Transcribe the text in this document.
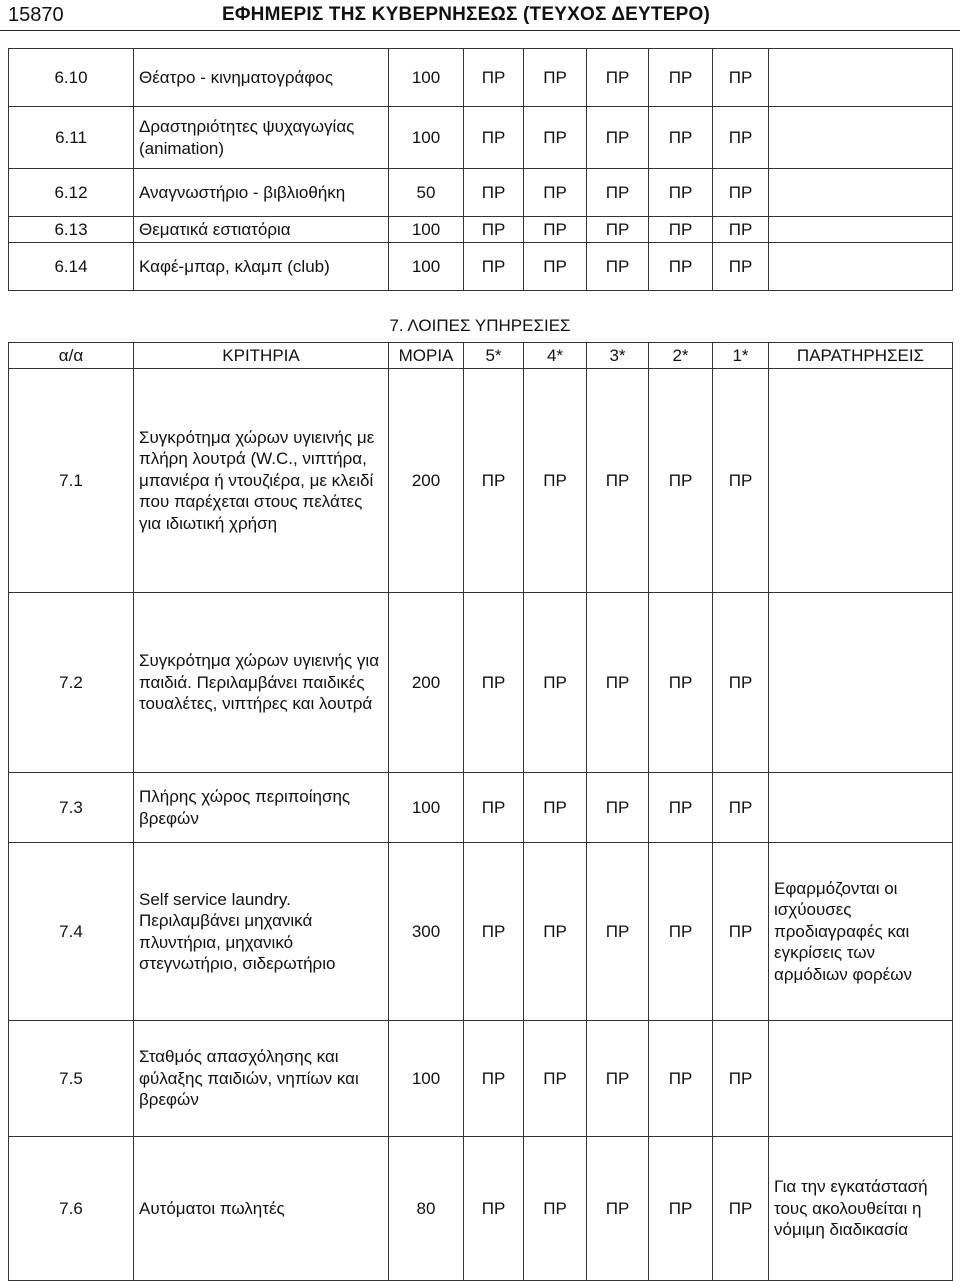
15870	ΕΦΗΜΕΡΙΣ ΤΗΣ ΚΥΒΕΡΝΗΣΕΩΣ (ΤΕΥΧΟΣ ΔΕΥΤΕΡΟ)
6.10	Θέατρο - κινηματογράφος	100	ΠΡ	ΠΡ	ΠΡ	ΠΡ	ΠΡ	
6.11	Δραστηριότητες ψυχαγωγίας (animation)	100	ΠΡ	ΠΡ	ΠΡ	ΠΡ	ΠΡ	
6.12	Αναγνωστήριο - βιβλιοθήκη	50	ΠΡ	ΠΡ	ΠΡ	ΠΡ	ΠΡ	
6.13	Θεματικά εστιατόρια	100	ΠΡ	ΠΡ	ΠΡ	ΠΡ	ΠΡ	
6.14	Καφέ-μπαρ, κλαμπ (club)	100	ΠΡ	ΠΡ	ΠΡ	ΠΡ	ΠΡ	
7. ΛΟΙΠΕΣ ΥΠΗΡΕΣΙΕΣ
α/α	ΚΡΙΤΗΡΙΑ	ΜΟΡΙΑ	5*	4*	3*	2*	1*	ΠΑΡΑΤΗΡΗΣΕΙΣ
7.1	Συγκρότημα χώρων υγιεινής με πλήρη λουτρά (W.C., νιπτήρα, μπανιέρα ή ντουζιέρα, με κλειδί που παρέχεται στους πελάτες για ιδιωτική χρήση	200	ΠΡ	ΠΡ	ΠΡ	ΠΡ	ΠΡ	
7.2	Συγκρότημα χώρων υγιεινής για παιδιά. Περιλαμβάνει παιδικές τουαλέτες, νιπτήρες και λουτρά	200	ΠΡ	ΠΡ	ΠΡ	ΠΡ	ΠΡ	
7.3	Πλήρης χώρος περιποίησης βρεφών	100	ΠΡ	ΠΡ	ΠΡ	ΠΡ	ΠΡ	
7.4	Self service laundry. Περιλαμβάνει μηχανικά πλυντήρια, μηχανικό στεγνωτήριο, σιδερωτήριο	300	ΠΡ	ΠΡ	ΠΡ	ΠΡ	ΠΡ	Εφαρμόζονται οι ισχύουσες προδιαγραφές και εγκρίσεις των αρμόδιων φορέων
7.5	Σταθμός απασχόλησης και φύλαξης παιδιών, νηπίων και βρεφών	100	ΠΡ	ΠΡ	ΠΡ	ΠΡ	ΠΡ	
7.6	Αυτόματοι πωλητές	80	ΠΡ	ΠΡ	ΠΡ	ΠΡ	ΠΡ	Για την εγκατάστασή τους ακολουθείται η νόμιμη διαδικασία
